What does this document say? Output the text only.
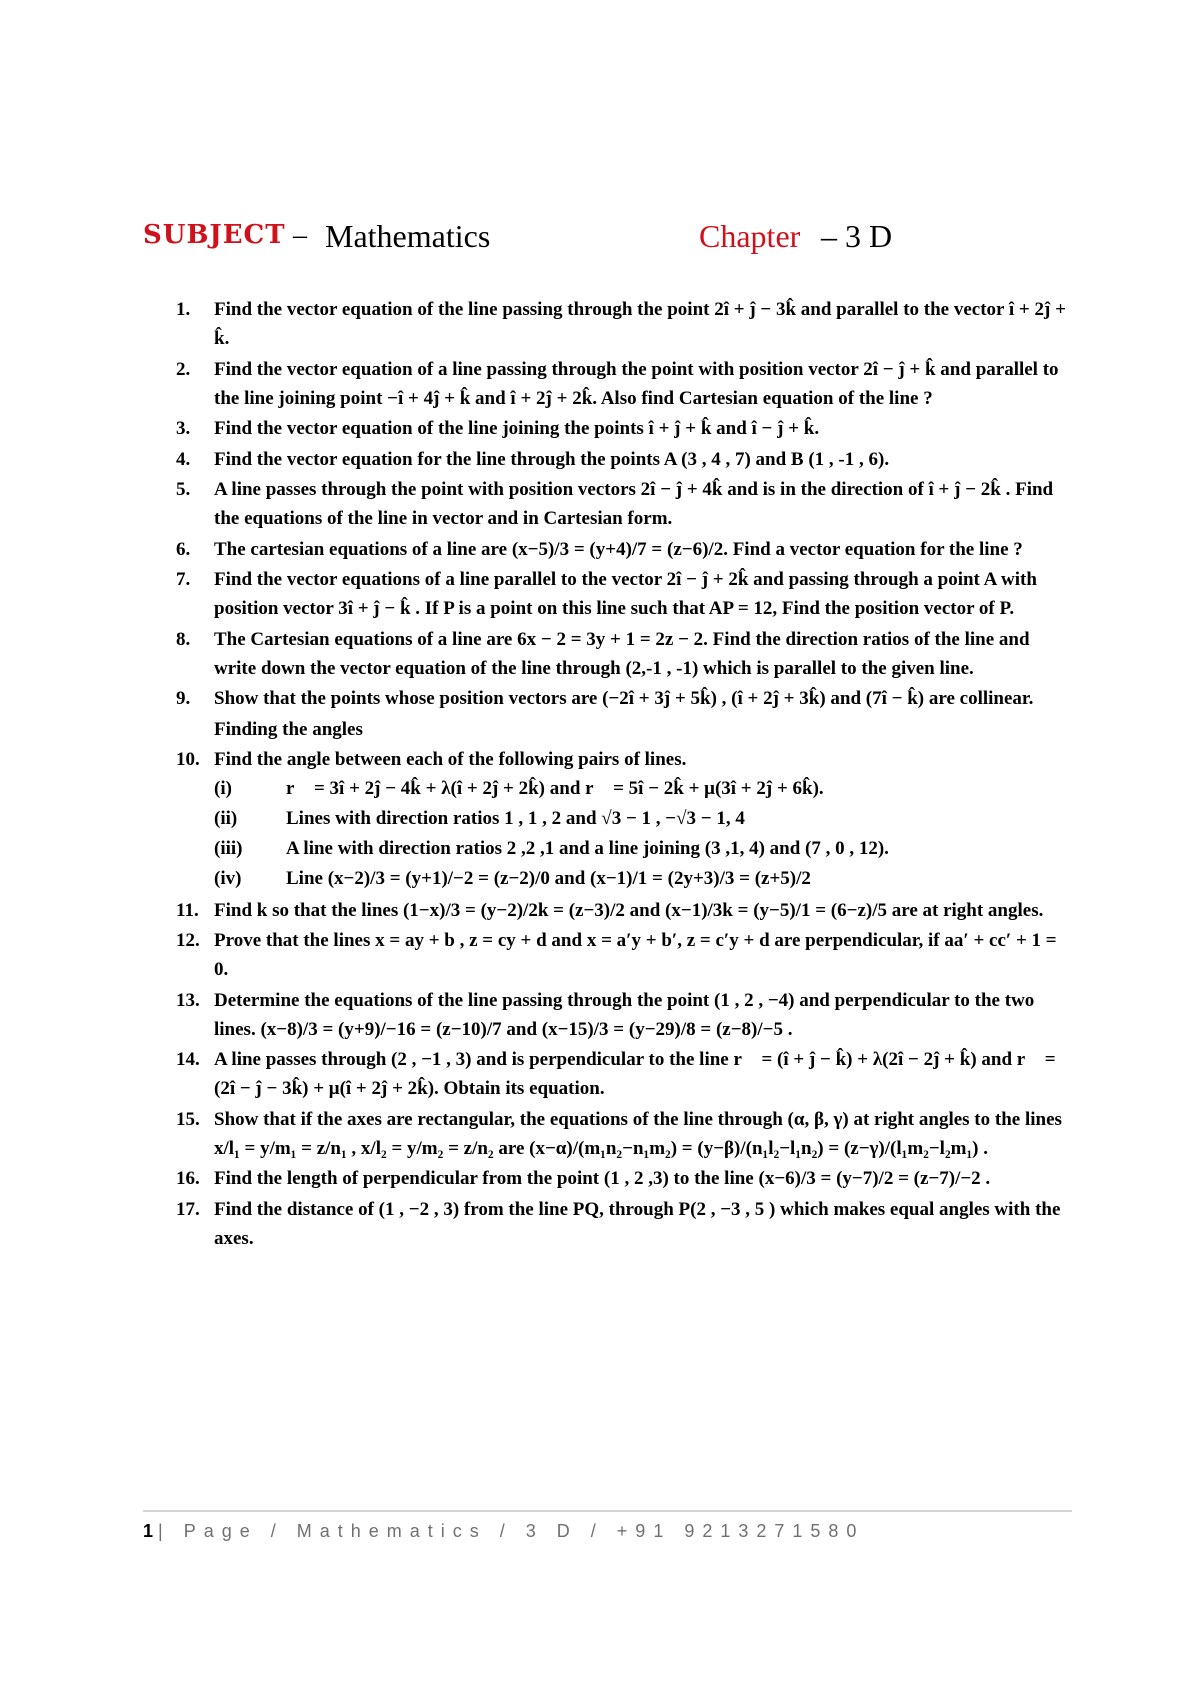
SUBJECT – Mathematics	Chapter – 3 D
1. Find the vector equation of the line passing through the point 2î + ĵ − 3k̂ and parallel to the vector î + 2ĵ + k̂.
2. Find the vector equation of a line passing through the point with position vector 2î − ĵ + k̂ and parallel to the line joining point −î + 4ĵ + k̂ and î + 2ĵ + 2k̂. Also find Cartesian equation of the line ?
3. Find the vector equation of the line joining the points î + ĵ + k̂ and î − ĵ + k̂.
4. Find the vector equation for the line through the points A (3 , 4 , 7) and B (1 , -1 , 6).
5. A line passes through the point with position vectors 2î − ĵ + 4k̂ and is in the direction of î + ĵ − 2k̂ . Find the equations of the line in vector and in Cartesian form.
6. The cartesian equations of a line are (x−5)/3 = (y+4)/7 = (z−6)/2. Find a vector equation for the line ?
7. Find the vector equations of a line parallel to the vector 2î − ĵ + 2k̂ and passing through a point A with position vector 3î + ĵ − k̂ . If P is a point on this line such that AP = 12, Find the position vector of P.
8. The Cartesian equations of a line are 6x − 2 = 3y + 1 = 2z − 2. Find the direction ratios of the line and write down the vector equation of the line through (2,-1 , -1) which is parallel to the given line.
9. Show that the points whose position vectors are (−2î + 3ĵ + 5k̂) , (î + 2ĵ + 3k̂) and (7î − k̂) are collinear.
Finding the angles
10. Find the angle between each of the following pairs of lines.
(i)	r⃗ = 3î + 2ĵ − 4k̂ + λ(î + 2ĵ + 2k̂) and r⃗ = 5î − 2k̂ + μ(3î + 2ĵ + 6k̂).
(ii)	Lines with direction ratios 1 , 1 , 2 and √3 − 1 , −√3 − 1, 4
(iii) A line with direction ratios 2 ,2 ,1 and a line joining (3 ,1, 4) and (7 , 0 , 12).
(iv) Line (x−2)/3 = (y+1)/−2 = (z−2)/0 and (x−1)/1 = (2y+3)/3 = (z+5)/2
11. Find k so that the lines (1−x)/3 = (y−2)/2k = (z−3)/2 and (x−1)/3k = (y−5)/1 = (6−z)/5 are at right angles.
12. Prove that the lines x = ay + b , z = cy + d and x = a′y + b′, z = c′y + d are perpendicular, if aa′ + cc′ + 1 = 0.
13. Determine the equations of the line passing through the point (1 , 2 , −4) and perpendicular to the two lines. (x−8)/3 = (y+9)/−16 = (z−10)/7 and (x−15)/3 = (y−29)/8 = (z−8)/−5 .
14. A line passes through (2 , −1 , 3) and is perpendicular to the line r⃗ = (î + ĵ − k̂) + λ(2î − 2ĵ + k̂) and r⃗ = (2î − ĵ − 3k̂) + μ(î + 2ĵ + 2k̂). Obtain its equation.
15. Show that if the axes are rectangular, the equations of the line through (α, β, γ) at right angles to the lines x/l₁ = y/m₁ = z/n₁ , x/l₂ = y/m₂ = z/n₂ are (x−α)/(m₁n₂−n₁m₂) = (y−β)/(n₁l₂−l₁n₂) = (z−γ)/(l₁m₂−l₂m₁) .
16. Find the length of perpendicular from the point (1 , 2 ,3) to the line (x−6)/3 = (y−7)/2 = (z−7)/−2 .
17. Find the distance of (1 , −2 , 3) from the line PQ, through P(2 , −3 , 5 ) which makes equal angles with the axes.
1 | Page / Mathematics / 3 D / +91 9213271580
